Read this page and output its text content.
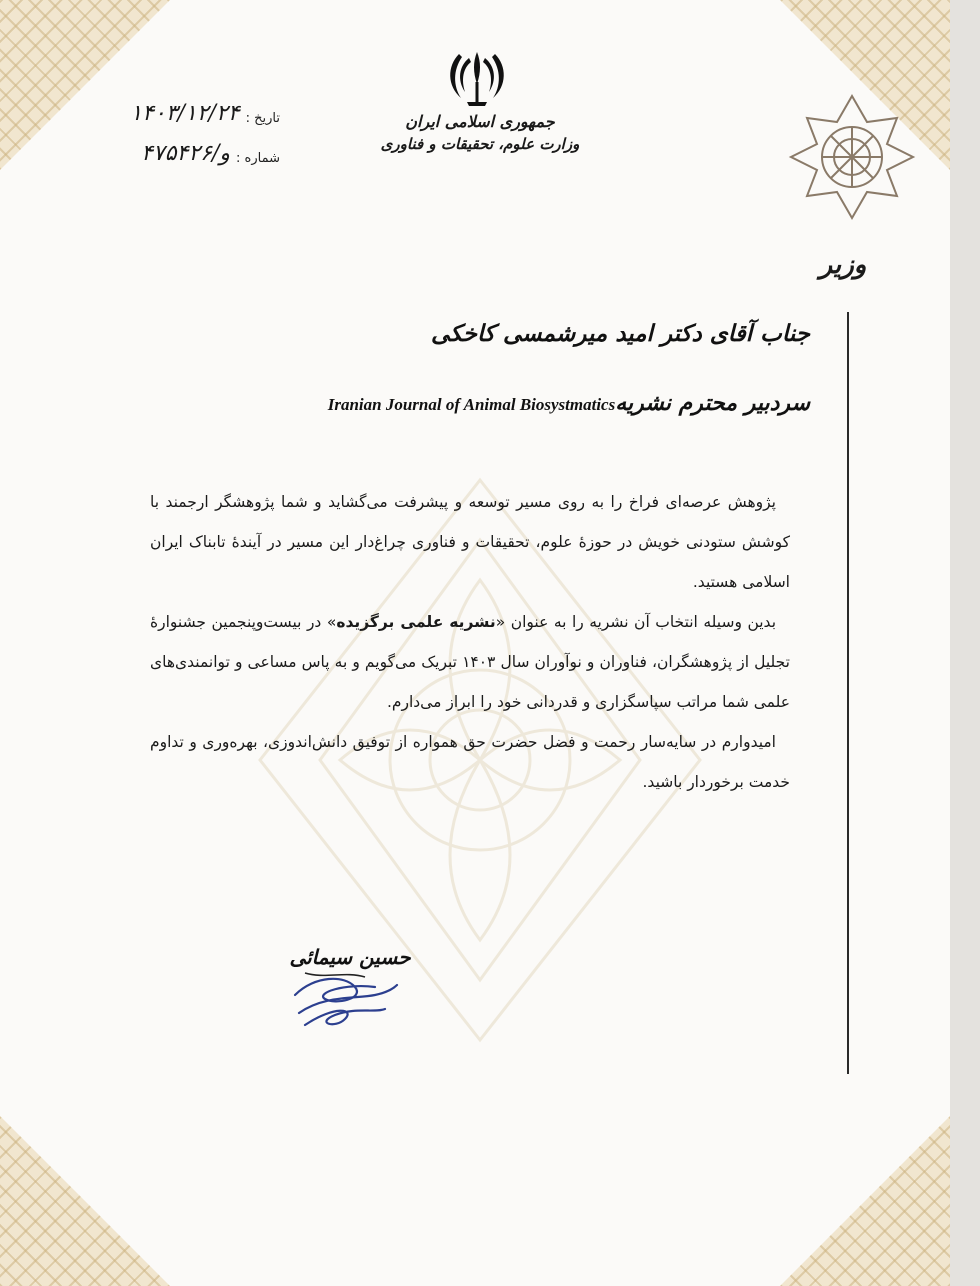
جمهوری اسلامی ایران
وزارت علوم، تحقیقات و فناوری
تاریخ :
۱۴۰۳/۱۲/۲۴
شماره :
۴۷۵۴۲۶/و
وزیر
جناب آقای دکتر امید میرشمسی کاخکی
سردبیر محترم نشریهIranian Journal of Animal Biosystmatics

پژوهش عرصه‌ای فراخ را به روی مسیر توسعه و پیشرفت می‌گشاید و شما پژوهشگر ارجمند با کوشش ستودنی خویش در حوزهٔ علوم، تحقیقات و فناوری چراغ‌دار این مسیر در آیندهٔ تابناک ایران اسلامی هستید.

بدین وسیله انتخاب آن نشریه را به عنوان «نشریه علمی برگزیده» در بیست‌وپنجمین جشنوارهٔ تجلیل از پژوهشگران، فناوران و نوآوران سال ۱۴۰۳ تبریک می‌گویم و به پاس مساعی و توانمندی‌های علمی شما مراتب سپاسگزاری و قدردانی خود را ابراز می‌دارم.

امیدوارم در سایه‌سار رحمت و فضل حضرت حق همواره از توفیق دانش‌اندوزی، بهره‌وری و تداوم خدمت برخوردار باشید.

حسین سیمائی
